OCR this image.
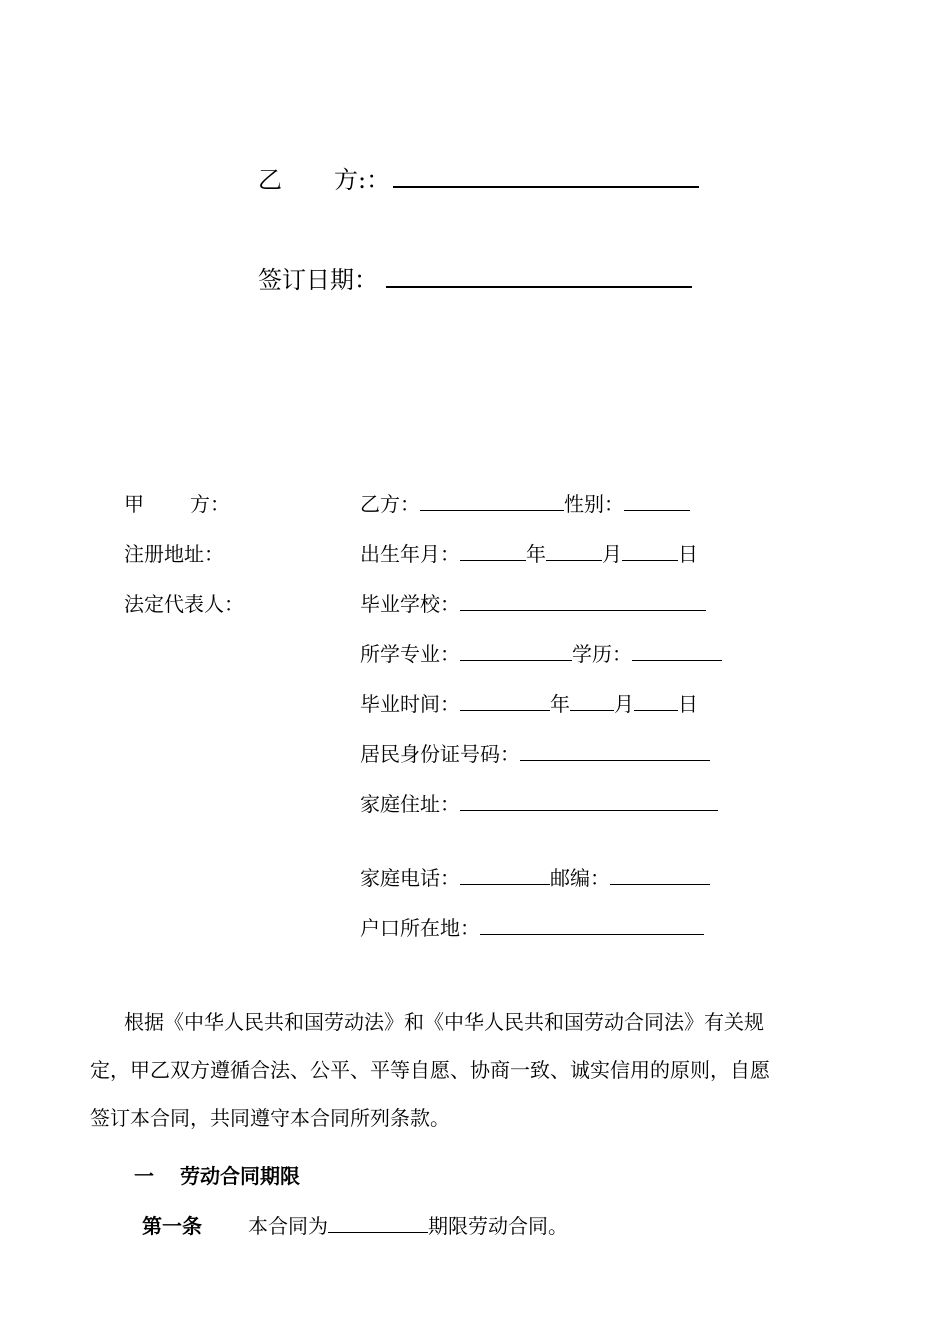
乙 方:：
签订日期：
甲 方：
注册地址：
法定代表人：
乙方：	性别：
出生年月：	年	月	日
毕业学校：
所学专业：	学历：
毕业时间：	年 月 日
居民身份证号码：
家庭住址：
家庭电话：	邮编：
户口所在地：
根据《中华人民共和国劳动法》和《中华人民共和国劳动合同法》有关规
定，甲乙双方遵循合法、公平、平等自愿、协商一致、诚实信用的原则，自愿
签订本合同，共同遵守本合同所列条款。
一 劳动合同期限
第一条 本合同为	期限劳动合同。
